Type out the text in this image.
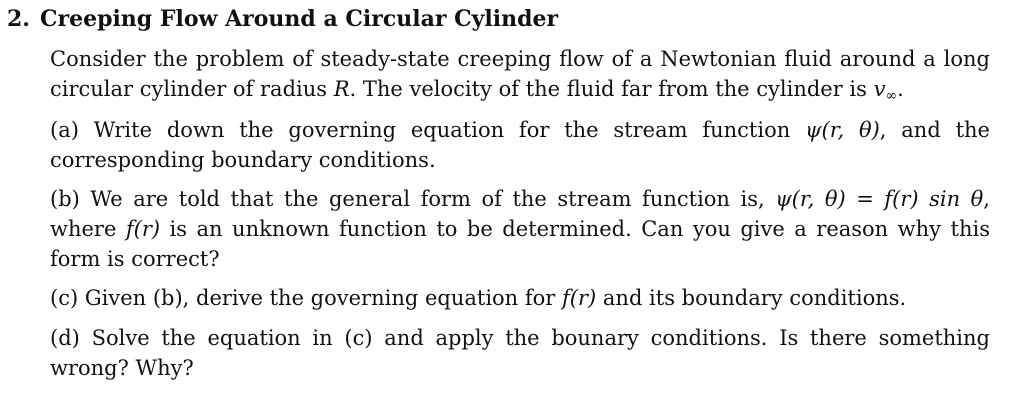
2. Creeping Flow Around a Circular Cylinder
Consider the problem of steady-state creeping flow of a Newtonian fluid around a long circular cylinder of radius R. The velocity of the fluid far from the cylinder is $v_\infty$.
(a) Write down the governing equation for the stream function ψ(r, θ), and the corresponding boundary conditions.
(b) We are told that the general form of the stream function is, ψ(r, θ) = f(r) sin θ, where f(r) is an unknown function to be determined. Can you give a reason why this form is correct?
(c) Given (b), derive the governing equation for f(r) and its boundary conditions.
(d) Solve the equation in (c) and apply the bounary conditions. Is there something wrong? Why?
